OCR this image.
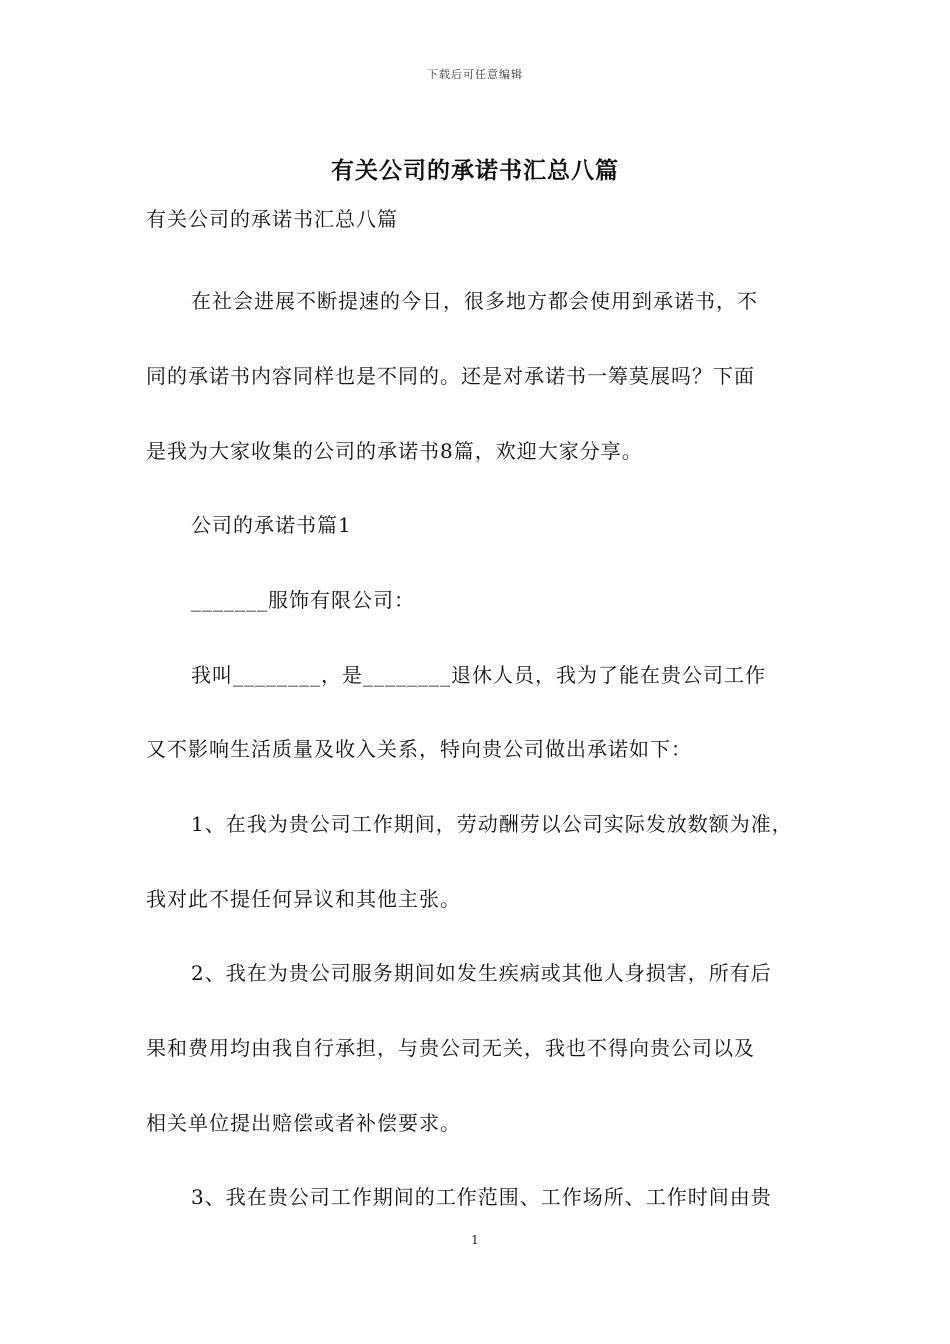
下载后可任意编辑
有关公司的承诺书汇总八篇
有关公司的承诺书汇总八篇
在社会进展不断提速的今日，很多地方都会使用到承诺书，不
同的承诺书内容同样也是不同的。还是对承诺书一筹莫展吗？下面
是我为大家收集的公司的承诺书8篇，欢迎大家分享。
公司的承诺书篇1
_______服饰有限公司：
我叫________，是________退休人员，我为了能在贵公司工作
又不影响生活质量及收入关系，特向贵公司做出承诺如下：
1、在我为贵公司工作期间，劳动酬劳以公司实际发放数额为准，
我对此不提任何异议和其他主张。
2、我在为贵公司服务期间如发生疾病或其他人身损害，所有后
果和费用均由我自行承担，与贵公司无关，我也不得向贵公司以及
相关单位提出赔偿或者补偿要求。
3、我在贵公司工作期间的工作范围、工作场所、工作时间由贵
1
